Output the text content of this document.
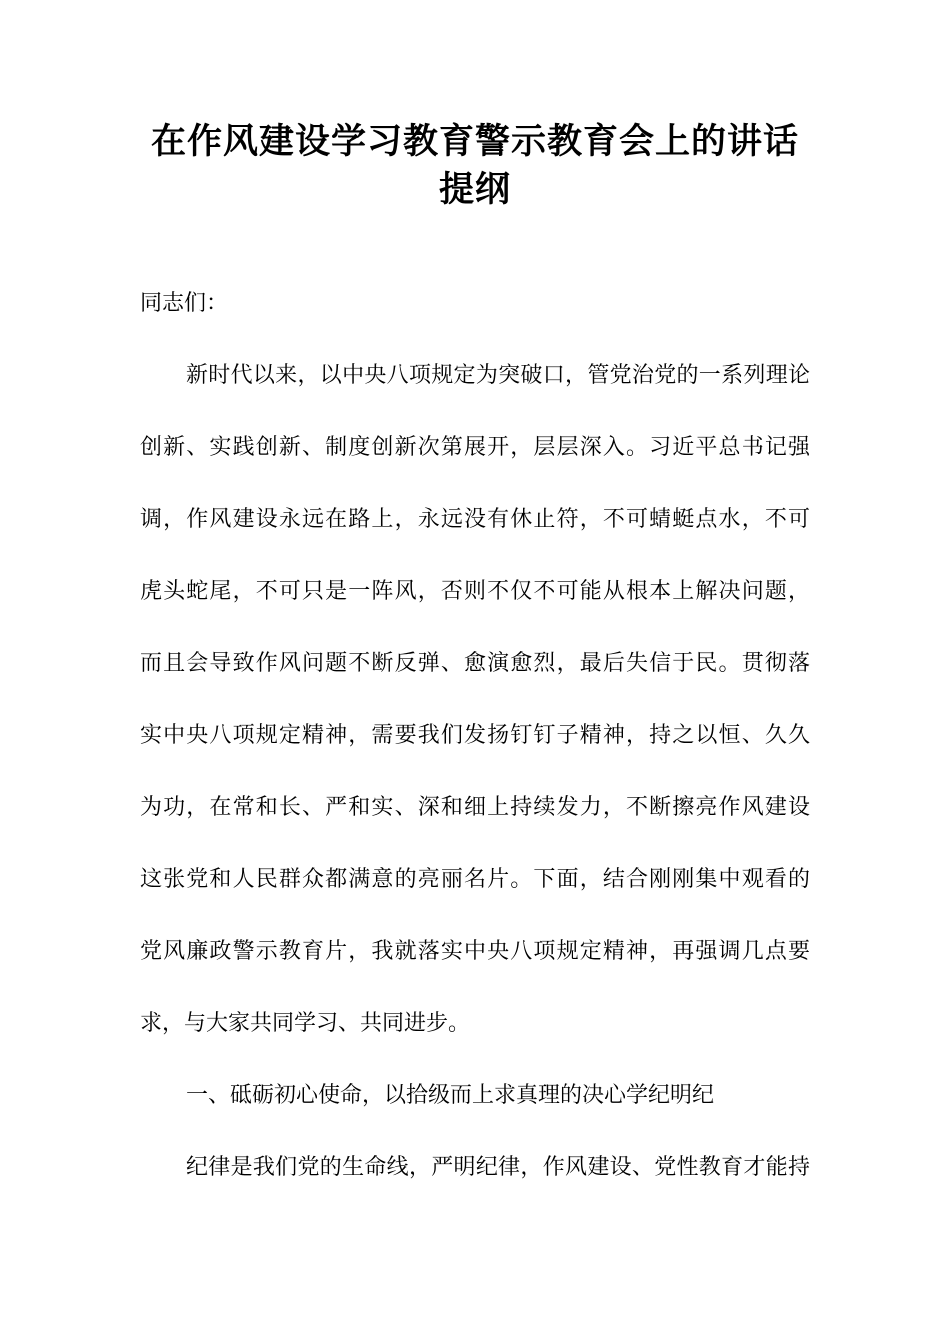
在作风建设学习教育警示教育会上的讲话
提纲
同志们：
新时代以来，以中央八项规定为突破口，管党治党的一系列理论
创新、实践创新、制度创新次第展开，层层深入。习近平总书记强
调，作风建设永远在路上，永远没有休止符，不可蜻蜓点水，不可
虎头蛇尾，不可只是一阵风，否则不仅不可能从根本上解决问题，
而且会导致作风问题不断反弹、愈演愈烈，最后失信于民。贯彻落
实中央八项规定精神，需要我们发扬钉钉子精神，持之以恒、久久
为功，在常和长、严和实、深和细上持续发力，不断擦亮作风建设
这张党和人民群众都满意的亮丽名片。下面，结合刚刚集中观看的
党风廉政警示教育片，我就落实中央八项规定精神，再强调几点要
求，与大家共同学习、共同进步。
一、砥砺初心使命，以拾级而上求真理的决心学纪明纪
纪律是我们党的生命线，严明纪律，作风建设、党性教育才能持
